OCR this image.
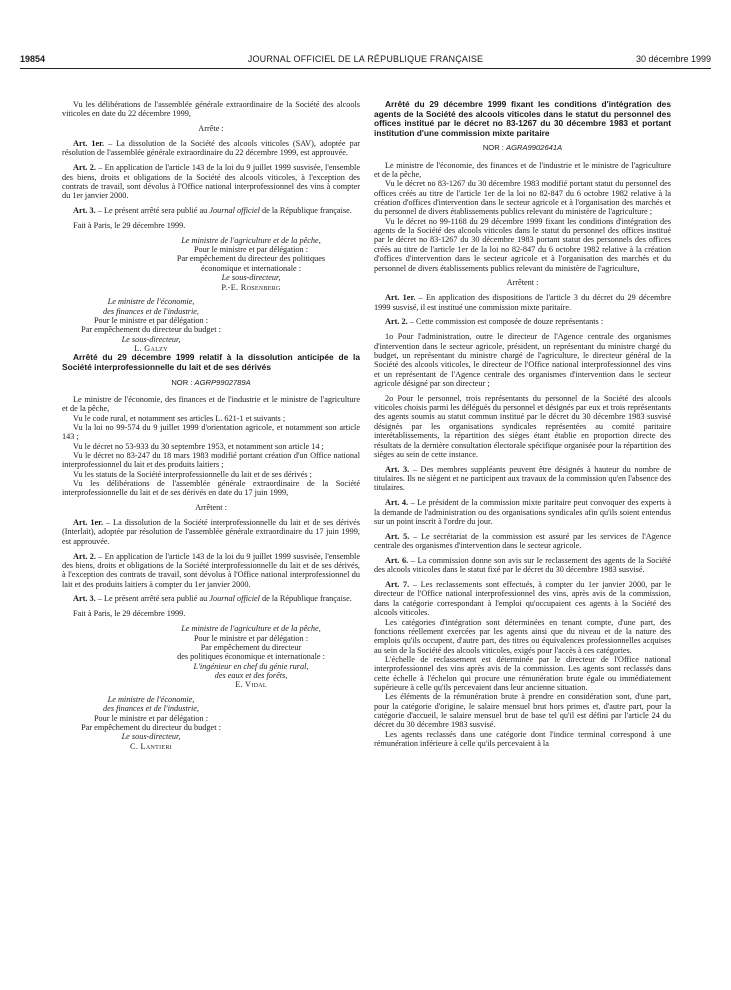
19854	JOURNAL OFFICIEL DE LA RÉPUBLIQUE FRANÇAISE	30 décembre 1999

Vu les délibérations de l'assemblée générale extraordinaire de la Société des alcools viticoles en date du 22 décembre 1999,

Arrête :

Art. 1er. – La dissolution de la Société des alcools viticoles (SAV), adoptée par résolution de l'assemblée générale extraordinaire du 22 décembre 1999, est approuvée.

Art. 2. – En application de l'article 143 de la loi du 9 juillet 1999 susvisée, l'ensemble des biens, droits et obligations de la Société des alcools viticoles, à l'exception des contrats de travail, sont dévolus à l'Office national interprofessionnel des vins à compter du 1er janvier 2000.

Art. 3. – Le présent arrêté sera publié au Journal officiel de la République française.

Fait à Paris, le 29 décembre 1999.

Le ministre de l'agriculture et de la pêche,

Pour le ministre et par délégation :

Par empêchement du directeur des politiques

économique et internationale :

Le sous-directeur,

P.-E. Rosenberg

Le ministre de l'économie,

des finances et de l'industrie,

Pour le ministre et par délégation :

Par empêchement du directeur du budget :

Le sous-directeur,

L. Galzy

Arrêté du 29 décembre 1999 relatif à la dissolution anticipée de la Société interprofessionnelle du lait et de ses dérivés

NOR : AGRP9902789A

Le ministre de l'économie, des finances et de l'industrie et le ministre de l'agriculture et de la pêche,

Vu le code rural, et notamment ses articles L. 621-1 et suivants ;

Vu la loi no 99-574 du 9 juillet 1999 d'orientation agricole, et notamment son article 143 ;

Vu le décret no 53-933 du 30 septembre 1953, et notamment son article 14 ;

Vu le décret no 83-247 du 18 mars 1983 modifié portant création d'un Office national interprofessionnel du lait et des produits laitiers ;

Vu les statuts de la Société interprofessionnelle du lait et de ses dérivés ;

Vu les délibérations de l'assemblée générale extraordinaire de la Société interprofessionnelle du lait et de ses dérivés en date du 17 juin 1999,

Arrêtent :

Art. 1er. – La dissolution de la Société interprofessionnelle du lait et de ses dérivés (Interlait), adoptée par résolution de l'assemblée générale extraordinaire du 17 juin 1999, est approuvée.

Art. 2. – En application de l'article 143 de la loi du 9 juillet 1999 susvisée, l'ensemble des biens, droits et obligations de la Société interprofessionnelle du lait et de ses dérivés, à l'exception des contrats de travail, sont dévolus à l'Office national interprofessionnel du lait et des produits laitiers à compter du 1er janvier 2000.

Art. 3. – Le présent arrêté sera publié au Journal officiel de la République française.

Fait à Paris, le 29 décembre 1999.

Le ministre de l'agriculture et de la pêche,

Pour le ministre et par délégation :

Par empêchement du directeur

des politiques économique et internationale :

L'ingénieur en chef du génie rural,

des eaux et des forêts,

E. Vidal

Le ministre de l'économie,

des finances et de l'industrie,

Pour le ministre et par délégation :

Par empêchement du directeur du budget :

Le sous-directeur,

C. Lantieri

Arrêté du 29 décembre 1999 fixant les conditions d'intégration des agents de la Société des alcools viticoles dans le statut du personnel des offices institué par le décret no 83-1267 du 30 décembre 1983 et portant institution d'une commission mixte paritaire

NOR : AGRA9902641A

Le ministre de l'économie, des finances et de l'industrie et le ministre de l'agriculture et de la pêche,

Vu le décret no 83-1267 du 30 décembre 1983 modifié portant statut du personnel des offices créés au titre de l'article 1er de la loi no 82-847 du 6 octobre 1982 relative à la création d'offices d'intervention dans le secteur agricole et à l'organisation des marchés et du personnel de divers établissements publics relevant du ministère de l'agriculture ;

Vu le décret no 99-1168 du 29 décembre 1999 fixant les conditions d'intégration des agents de la Société des alcools viticoles dans le statut du personnel des offices institué par le décret no 83-1267 du 30 décembre 1983 portant statut des personnels des offices créés au titre de l'article 1er de la loi no 82-847 du 6 octobre 1982 relative à la création d'offices d'intervention dans le secteur agricole et à l'organisation des marchés et du personnel de divers établissements publics relevant du ministère de l'agriculture,

Arrêtent :

Art. 1er. – En application des dispositions de l'article 3 du décret du 29 décembre 1999 susvisé, il est institué une commission mixte paritaire.

Art. 2. – Cette commission est composée de douze représentants :

1o Pour l'administration, outre le directeur de l'Agence centrale des organismes d'intervention dans le secteur agricole, président, un représentant du ministre chargé du budget, un représentant du ministre chargé de l'agriculture, le directeur général de la Société des alcools viticoles, le directeur de l'Office national interprofessionnel des vins et un représentant de l'Agence centrale des organismes d'intervention dans le secteur agricole désigné par son directeur ;

2o Pour le personnel, trois représentants du personnel de la Société des alcools viticoles choisis parmi les délégués du personnel et désignés par eux et trois représentants des agents soumis au statut commun institué par le décret du 30 décembre 1983 susvisé désignés par les organisations syndicales représentées au comité paritaire interétablissements, la répartition des sièges étant établie en proportion directe des résultats de la dernière consultation électorale spécifique organisée pour la répartition des sièges au sein de cette instance.

Art. 3. – Des membres suppléants peuvent être désignés à hauteur du nombre de titulaires. Ils ne siègent et ne participent aux travaux de la commission qu'en l'absence des titulaires.

Art. 4. – Le président de la commission mixte paritaire peut convoquer des experts à la demande de l'administration ou des organisations syndicales afin qu'ils soient entendus sur un point inscrit à l'ordre du jour.

Art. 5. – Le secrétariat de la commission est assuré par les services de l'Agence centrale des organismes d'intervention dans le secteur agricole.

Art. 6. – La commission donne son avis sur le reclassement des agents de la Société des alcools viticoles dans le statut fixé par le décret du 30 décembre 1983 susvisé.

Art. 7. – Les reclassements sont effectués, à compter du 1er janvier 2000, par le directeur de l'Office national interprofessionnel des vins, après avis de la commission, dans la catégorie correspondant à l'emploi qu'occupaient ces agents à la Société des alcools viticoles.

Les catégories d'intégration sont déterminées en tenant compte, d'une part, des fonctions réellement exercées par les agents ainsi que du niveau et de la nature des emplois qu'ils occupent, d'autre part, des titres ou équivalences professionnelles acquises au sein de la Société des alcools viticoles, exigés pour l'accès à ces catégories.

L'échelle de reclassement est déterminée par le directeur de l'Office national interprofessionnel des vins après avis de la commission. Les agents sont reclassés dans cette échelle à l'échelon qui procure une rémunération brute égale ou immédiatement supérieure à celle qu'ils percevaient dans leur ancienne situation.

Les éléments de la rémunération brute à prendre en considération sont, d'une part, pour la catégorie d'origine, le salaire mensuel brut hors primes et, d'autre part, pour la catégorie d'accueil, le salaire mensuel brut de base tel qu'il est défini par l'article 24 du décret du 30 décembre 1983 susvisé.

Les agents reclassés dans une catégorie dont l'indice terminal correspond à une rémunération inférieure à celle qu'ils percevaient à la
